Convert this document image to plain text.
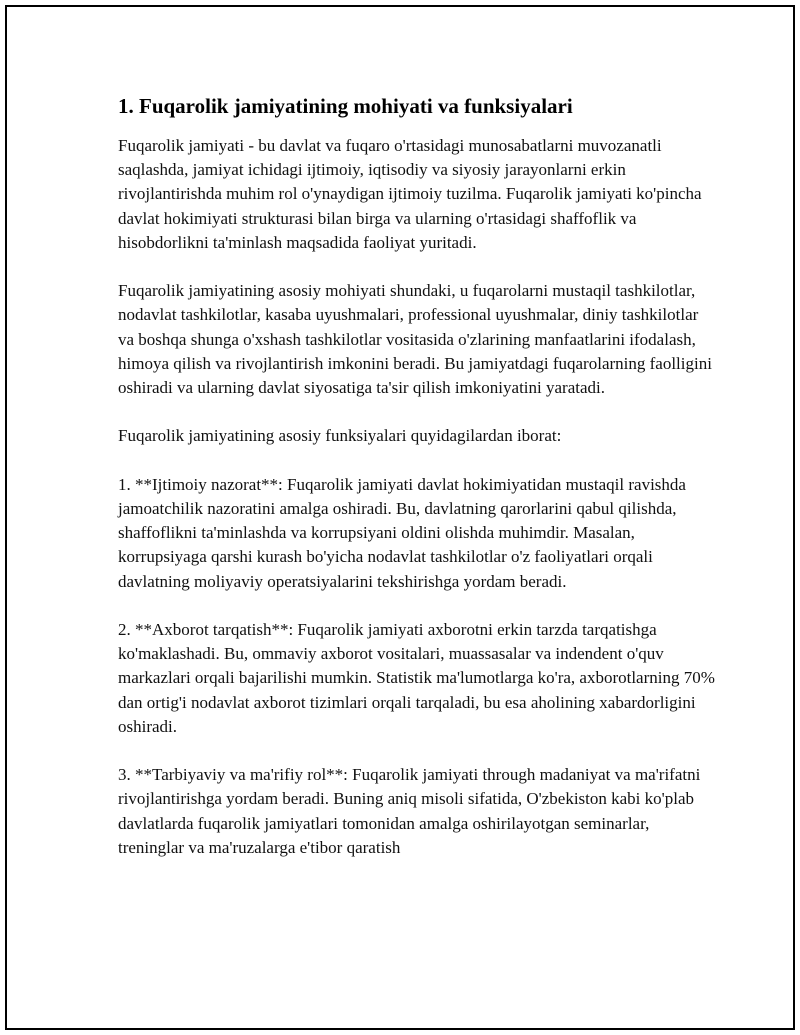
1. Fuqarolik jamiyatining mohiyati va funksiyalari

Fuqarolik jamiyati - bu davlat va fuqaro o'rtasidagi munosabatlarni muvozanatli saqlashda, jamiyat ichidagi ijtimoiy, iqtisodiy va siyosiy jarayonlarni erkin rivojlantirishda muhim rol o'ynaydigan ijtimoiy tuzilma. Fuqarolik jamiyati ko'pincha davlat hokimiyati strukturasi bilan birga va ularning o'rtasidagi shaffoflik va hisobdorlikni ta'minlash maqsadida faoliyat yuritadi.

Fuqarolik jamiyatining asosiy mohiyati shundaki, u fuqarolarni mustaqil tashkilotlar, nodavlat tashkilotlar, kasaba uyushmalari, professional uyushmalar, diniy tashkilotlar va boshqa shunga o'xshash tashkilotlar vositasida o'zlarining manfaatlarini ifodalash, himoya qilish va rivojlantirish imkonini beradi. Bu jamiyatdagi fuqarolarning faolligini oshiradi va ularning davlat siyosatiga ta'sir qilish imkoniyatini yaratadi.

Fuqarolik jamiyatining asosiy funksiyalari quyidagilardan iborat:

1. **Ijtimoiy nazorat**: Fuqarolik jamiyati davlat hokimiyatidan mustaqil ravishda jamoatchilik nazoratini amalga oshiradi. Bu, davlatning qarorlarini qabul qilishda, shaffoflikni ta'minlashda va korrupsiyani oldini olishda muhimdir. Masalan, korrupsiyaga qarshi kurash bo'yicha nodavlat tashkilotlar o'z faoliyatlari orqali davlatning moliyaviy operatsiyalarini tekshirishga yordam beradi.

2. **Axborot tarqatish**: Fuqarolik jamiyati axborotni erkin tarzda tarqatishga ko'maklashadi. Bu, ommaviy axborot vositalari, muassasalar va indendent o'quv markazlari orqali bajarilishi mumkin. Statistik ma'lumotlarga ko'ra, axborotlarning 70% dan ortig'i nodavlat axborot tizimlari orqali tarqaladi, bu esa aholining xabardorligini oshiradi.

3. **Tarbiyaviy va ma'rifiy rol**: Fuqarolik jamiyati through madaniyat va ma'rifatni rivojlantirishga yordam beradi. Buning aniq misoli sifatida, O'zbekiston kabi ko'plab davlatlarda fuqarolik jamiyatlari tomonidan amalga oshirilayotgan seminarlar, treninglar va ma'ruzalarga e'tibor qaratish
